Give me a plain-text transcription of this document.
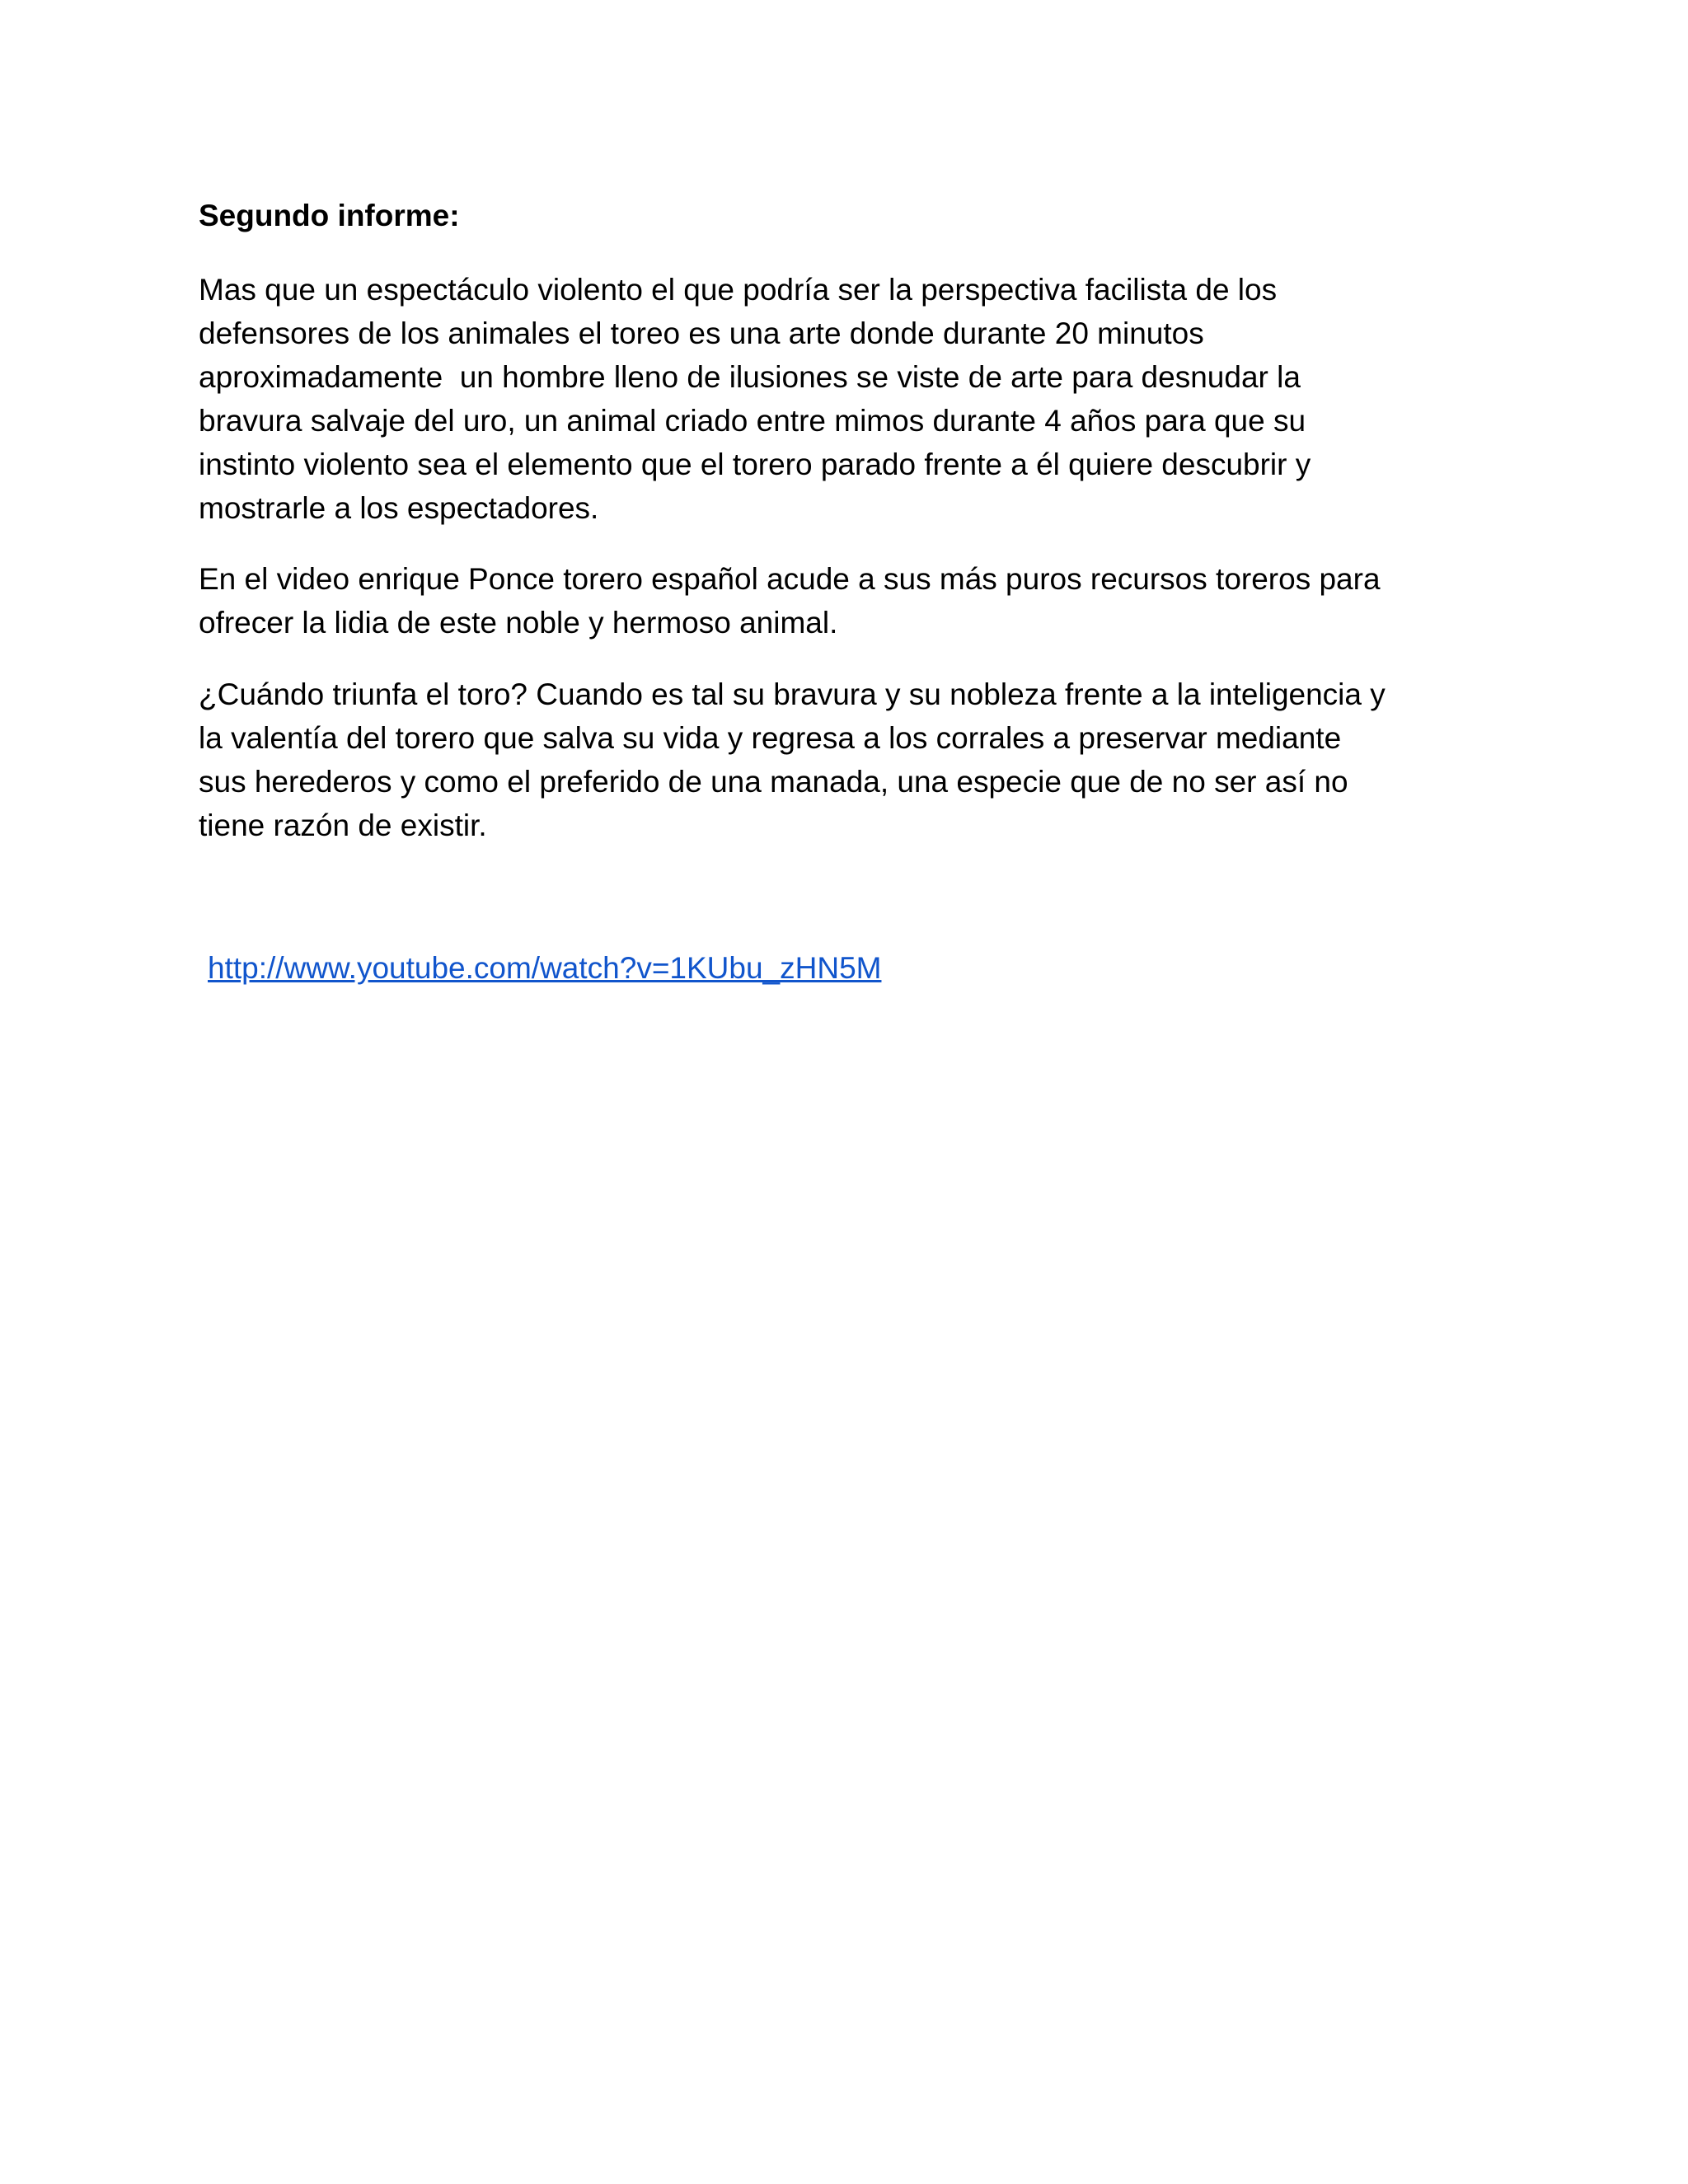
Segundo informe:

Mas que un espectáculo violento el que podría ser la perspectiva facilista de los
defensores de los animales el toreo es una arte donde durante 20 minutos
aproximadamente  un hombre lleno de ilusiones se viste de arte para desnudar la
bravura salvaje del uro, un animal criado entre mimos durante 4 años para que su
instinto violento sea el elemento que el torero parado frente a él quiere descubrir y
mostrarle a los espectadores.

En el video enrique Ponce torero español acude a sus más puros recursos toreros para
ofrecer la lidia de este noble y hermoso animal.

¿Cuándo triunfa el toro? Cuando es tal su bravura y su nobleza frente a la inteligencia y
la valentía del torero que salva su vida y regresa a los corrales a preservar mediante
sus herederos y como el preferido de una manada, una especie que de no ser así no
tiene razón de existir.

http://www.youtube.com/watch?v=1KUbu_zHN5M
